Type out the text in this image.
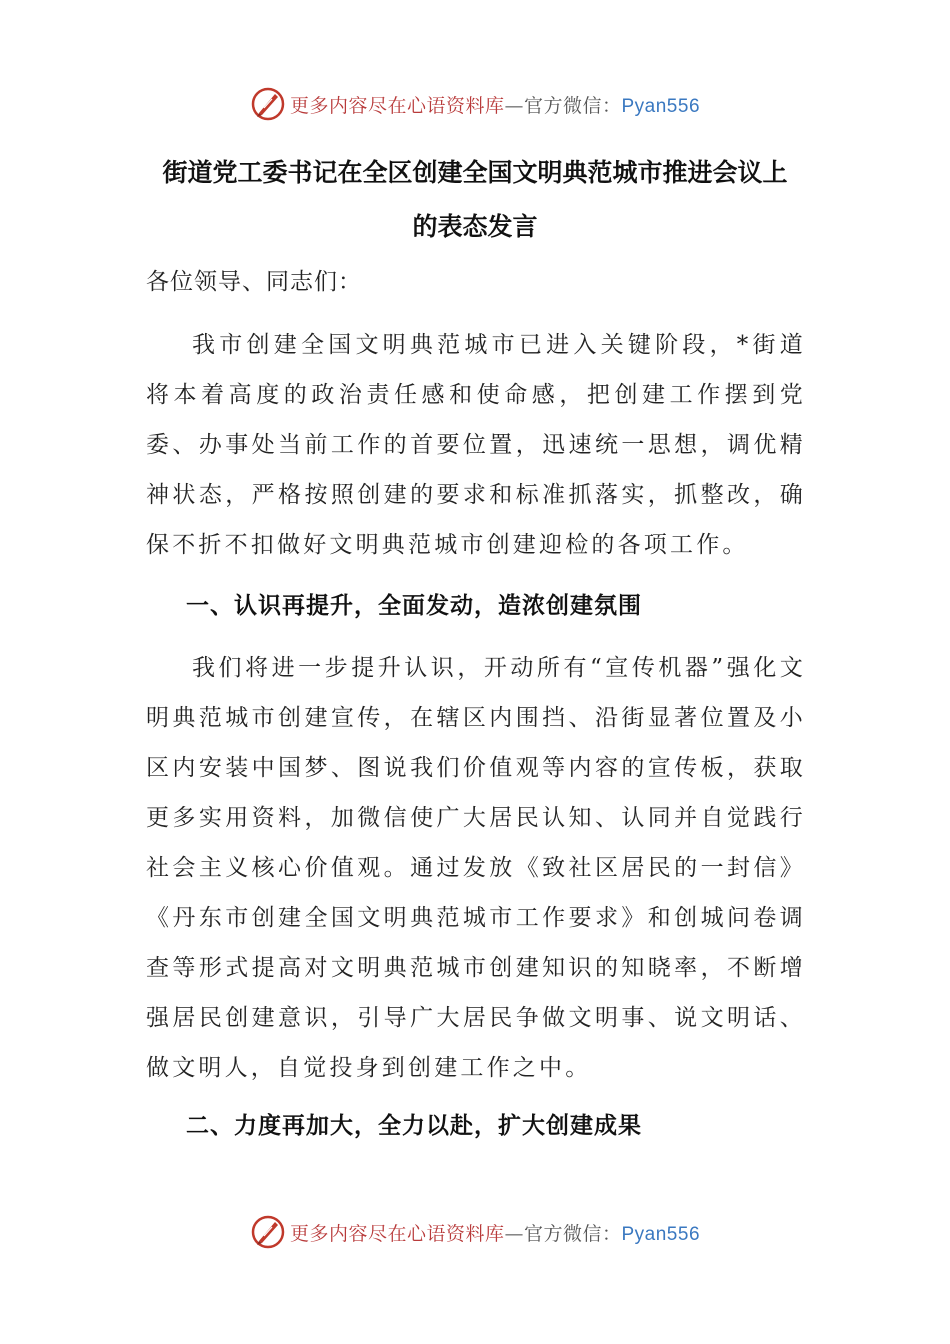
更多内容尽在心语资料库—官方微信：Pyan556
街道党工委书记在全区创建全国文明典范城市推进会议上
的表态发言
各位领导、同志们：

我市创建全国文明典范城市已进入关键阶段，*街道将本着高度的政治责任感和使命感，把创建工作摆到党委、办事处当前工作的首要位置，迅速统一思想，调优精神状态，严格按照创建的要求和标准抓落实，抓整改，确保不折不扣做好文明典范城市创建迎检的各项工作。

一、认识再提升，全面发动，造浓创建氛围

我们将进一步提升认识，开动所有“宣传机器”强化文明典范城市创建宣传，在辖区内围挡、沿街显著位置及小区内安装中国梦、图说我们价值观等内容的宣传板，获取更多实用资料，加微信使广大居民认知、认同并自觉践行社会主义核心价值观。通过发放《致社区居民的一封信》《丹东市创建全国文明典范城市工作要求》和创城问卷调查等形式提高对文明典范城市创建知识的知晓率，不断增强居民创建意识，引导广大居民争做文明事、说文明话、做文明人，自觉投身到创建工作之中。

二、力度再加大，全力以赴，扩大创建成果
更多内容尽在心语资料库—官方微信：Pyan556
